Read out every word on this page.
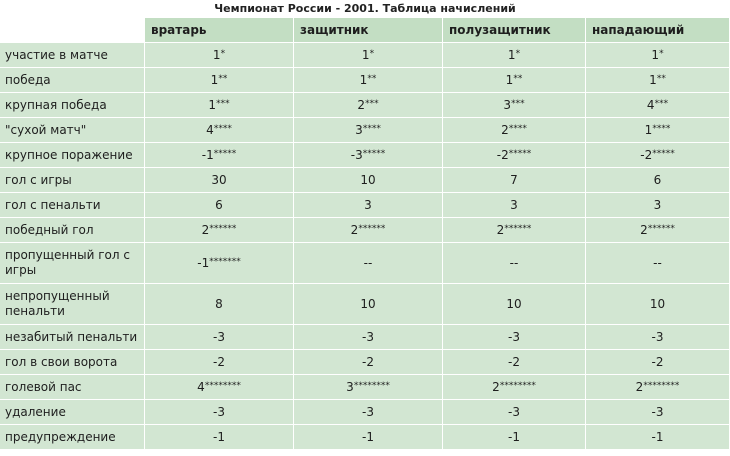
Чемпионат России - 2001. Таблица начислений
	вратарь	защитник	полузащитник	нападающий
участие в матче	1*	1*	1*	1*
победа	1**	1**	1**	1**
крупная победа	1***	2***	3***	4***
"сухой матч"	4****	3****	2****	1****
крупное поражение	-1*****	-3*****	-2*****	-2*****
гол с игры	30	10	7	6
гол с пенальти	6	3	3	3
победный гол	2******	2******	2******	2******
пропущенный гол с игры	-1*******	--	--	--
непропущенный пенальти	8	10	10	10
незабитый пенальти	-3	-3	-3	-3
гол в свои ворота	-2	-2	-2	-2
голевой пас	4********	3********	2********	2********
удаление	-3	-3	-3	-3
предупреждение	-1	-1	-1	-1
